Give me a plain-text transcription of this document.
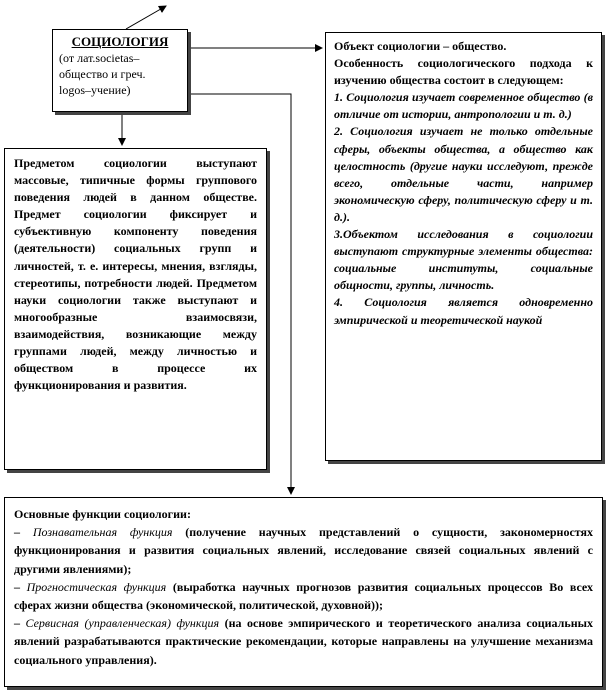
СОЦИОЛОГИЯ

(от лат.societas–

общество и греч.

logos–учение)

Предметом социологии выступают массовые, типичные формы группового поведения людей в данном обществе. Предмет социологии фиксирует и субъективную компоненту поведения (деятельности) социальных групп и личностей, т. е. интересы, мнения, взгляды, стереотипы, потребности людей. Предметом науки социологии также выступают и многообразные взаимосвязи, взаимодействия, возникающие между группами людей, между личностью и обществом в процессе их функционирования и развития.

Объект социологии – общество.

Особенность социологического подхода к изучению общества состоит в следующем:

1. Социология изучает современное общество (в отличие от истории, антропологии и т. д.)

2. Социология изучает не только отдельные сферы, объекты общества, а общество как целостность (другие науки исследуют, прежде всего, отдельные части, например экономическую сферу, политическую сферу и т. д.).

3.Объектом исследования в социологии выступают структурные элементы общества: социальные институты, социальные общности, группы, личность.

4. Социология является одновременно эмпирической и теоретической наукой

Основные функции социологии:

– Познавательная функция (получение научных представлений о сущности, закономерностях функционирования и развития социальных явлений, исследование связей социальных явлений с другими явлениями);

– Прогностическая функция (выработка научных прогнозов развития социальных процессов Во всех сферах жизни общества (экономической, политической, духовной));

– Сервисная (управленческая) функция (на основе эмпирического и теоретического анализа социальных явлений разрабатываются практические рекомендации, которые направлены на улучшение механизма социального управления).
